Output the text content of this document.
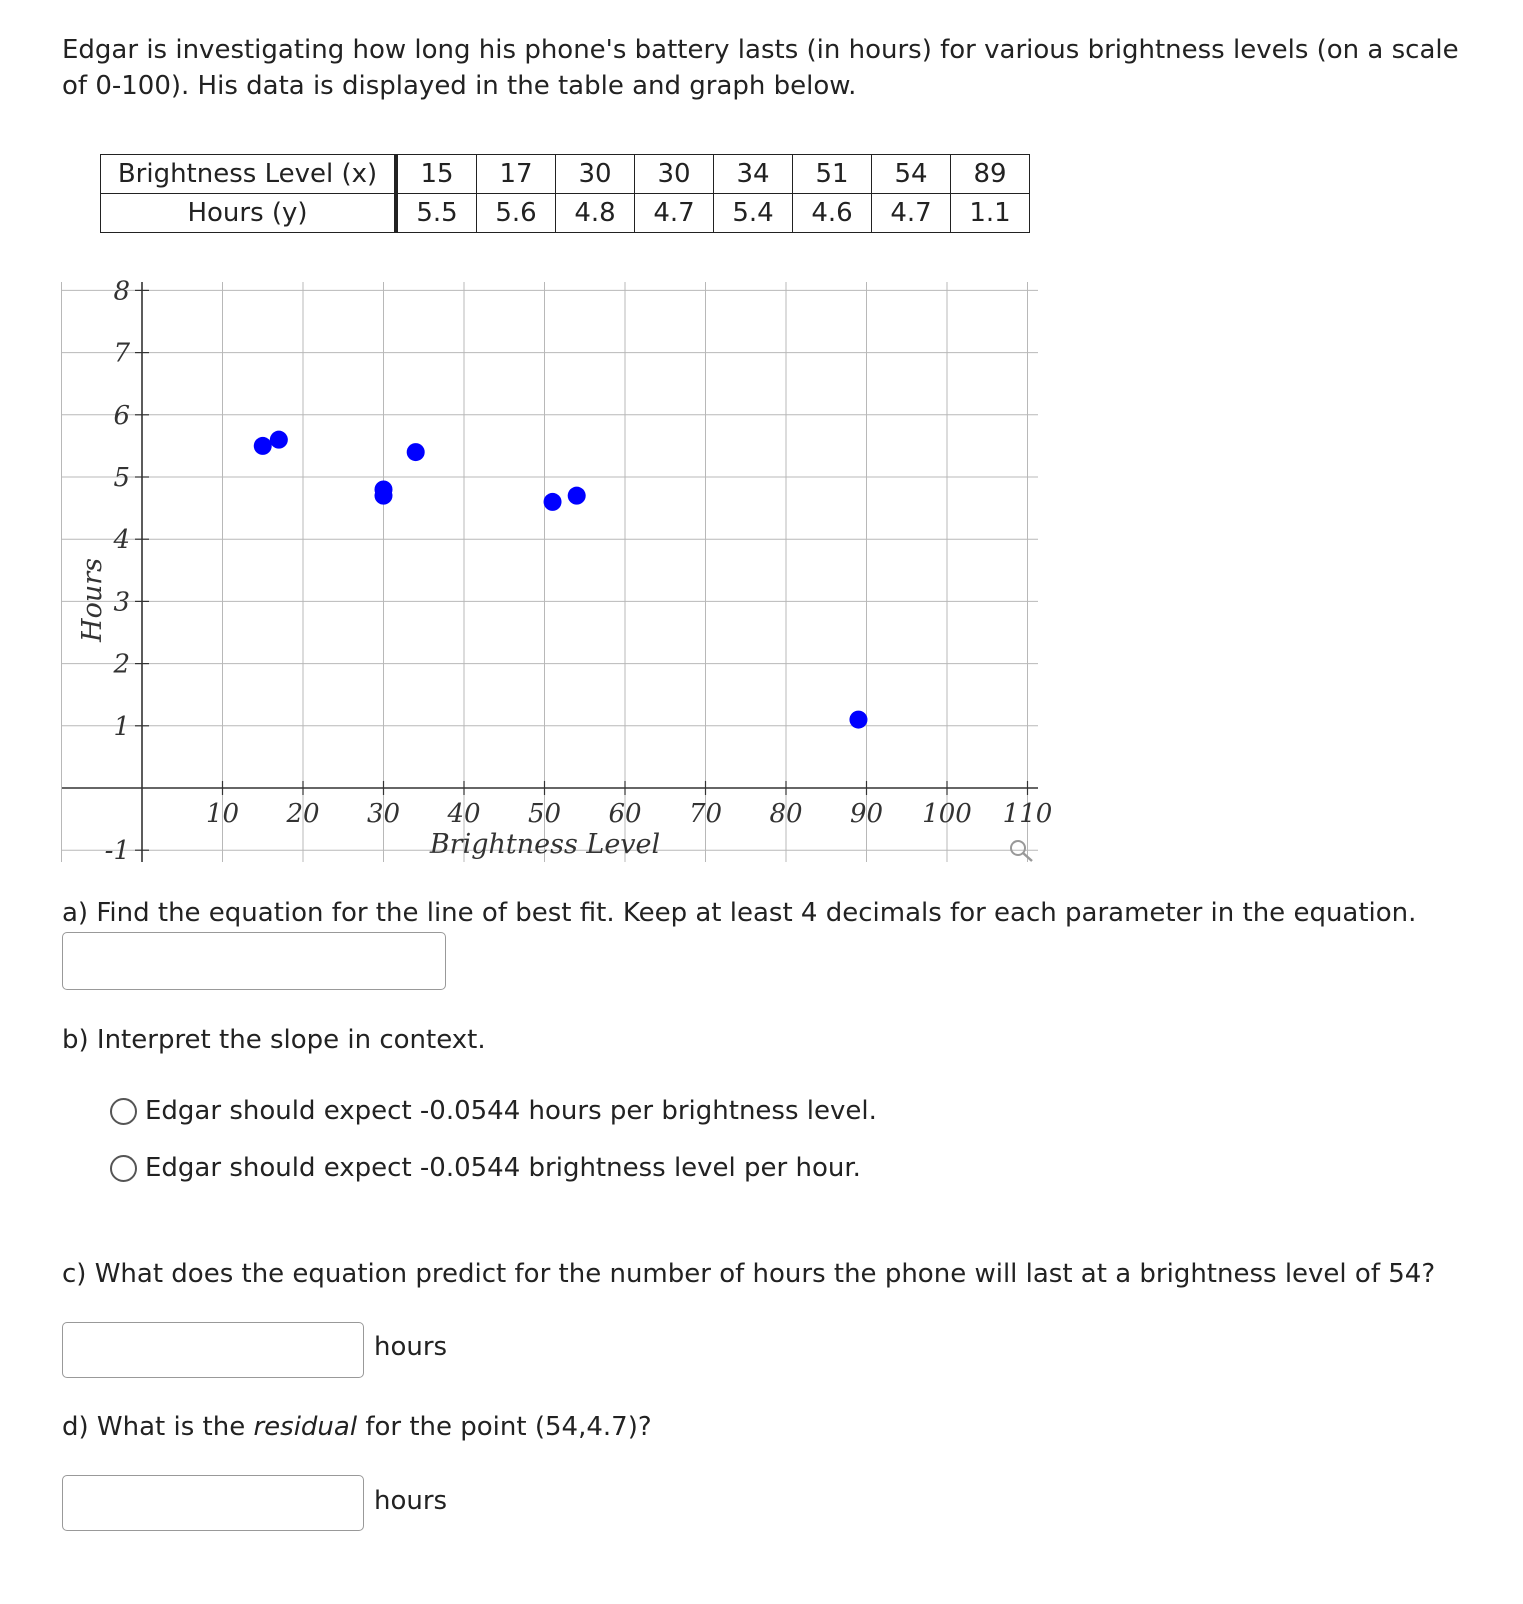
Edgar is investigating how long his phone's battery lasts (in hours) for various brightness levels (on a scale of 0-100). His data is displayed in the table and graph below.
Brightness Level (x)	15	17	30	30	34	51	54	89
Hours (y)	5.5	5.6	4.8	4.7	5.4	4.6	4.7	1.1
10 20 30 40 50 60 70 80 90 100 110
8
7
6
5
4
3
2
1
-1	Brightness Level
Hours
a) Find the equation for the line of best fit. Keep at least 4 decimals for each parameter in the equation.
b) Interpret the slope in context.
Edgar should expect -0.0544 hours per brightness level.
Edgar should expect -0.0544 brightness level per hour.
c) What does the equation predict for the number of hours the phone will last at a brightness level of 54?
hours
d) What is the residual for the point (54,4.7)?
hours
